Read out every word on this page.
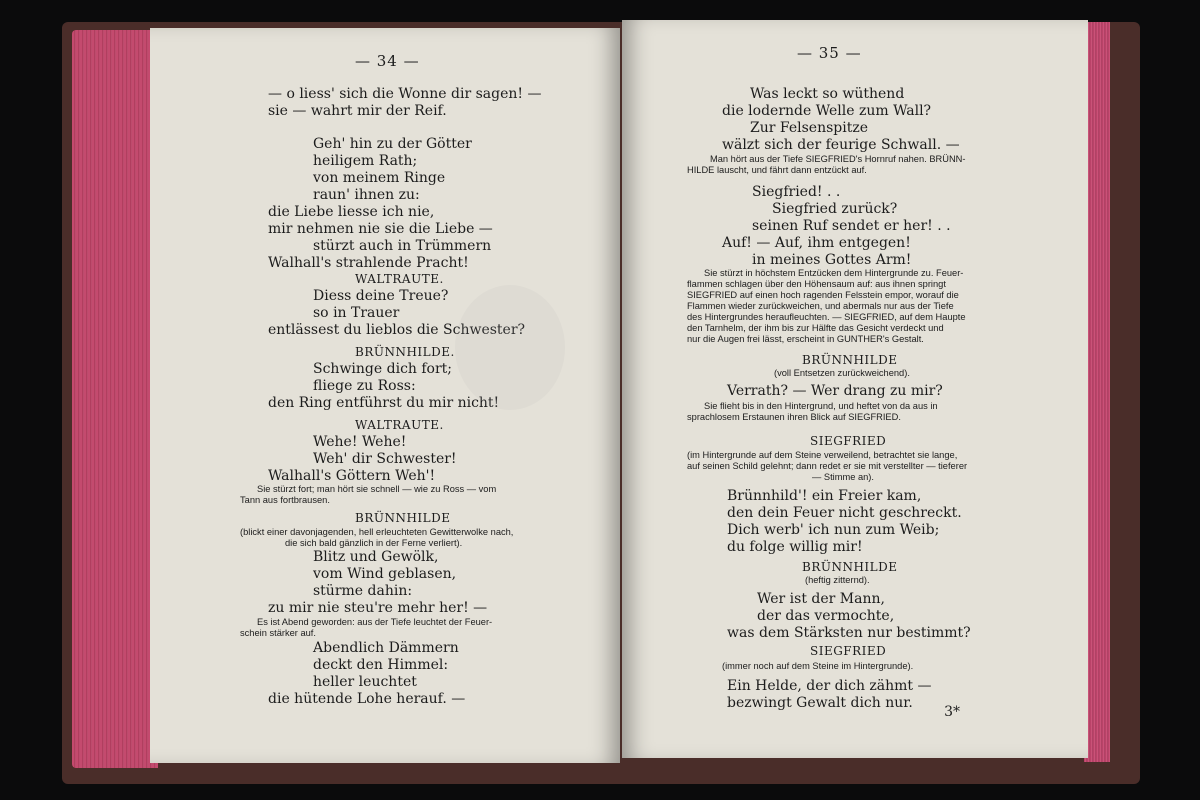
— 34 —
— o liess' sich die Wonne dir sagen! —
sie — wahrt mir der Reif.
Geh' hin zu der Götter
heiligem Rath;
von meinem Ringe
raun' ihnen zu:
die Liebe liesse ich nie,
mir nehmen nie sie die Liebe —
stürzt auch in Trümmern
Walhall's strahlende Pracht!
WALTRAUTE.
Diess deine Treue?
so in Trauer
entlässest du lieblos die Schwester?
BRÜNNHILDE.
Schwinge dich fort;
fliege zu Ross:
den Ring entführst du mir nicht!
WALTRAUTE.
Wehe! Wehe!
Weh' dir Schwester!
Walhall's Göttern Weh'!
BRÜNNHILDE
Blitz und Gewölk,
vom Wind geblasen,
stürme dahin:
zu mir nie steu're mehr her! —
Abendlich Dämmern
deckt den Himmel:
heller leuchtet
die hütende Lohe herauf. —
Sie stürzt fort; man hört sie schnell — wie zu Ross — vom
Tann aus fortbrausen.
(blickt einer davonjagenden, hell erleuchteten Gewitterwolke nach,
die sich bald gänzlich in der Ferne verliert).
Es ist Abend geworden: aus der Tiefe leuchtet der Feuer-
schein stärker auf.
— 35 —
3*
Was leckt so wüthend
die lodernde Welle zum Wall?
Zur Felsenspitze
wälzt sich der feurige Schwall. —
Siegfried! . .
Siegfried zurück?
seinen Ruf sendet er her! . .
Auf! — Auf, ihm entgegen!
in meines Gottes Arm!
BRÜNNHILDE
Verrath? — Wer drang zu mir?
SIEGFRIED
Brünnhild'! ein Freier kam,
den dein Feuer nicht geschreckt.
Dich werb' ich nun zum Weib;
du folge willig mir!
BRÜNNHILDE
Wer ist der Mann,
der das vermochte,
was dem Stärksten nur bestimmt?
SIEGFRIED
Ein Helde, der dich zähmt —
bezwingt Gewalt dich nur.
Man hört aus der Tiefe SIEGFRIED's Hornruf nahen. BRÜNN-
HILDE lauscht, und fährt dann entzückt auf.
Sie stürzt in höchstem Entzücken dem Hintergrunde zu. Feuer-
flammen schlagen über den Höhensaum auf: aus ihnen springt
SIEGFRIED auf einen hoch ragenden Felsstein empor, worauf die
Flammen wieder zurückweichen, und abermals nur aus der Tiefe
des Hintergrundes heraufleuchten. — SIEGFRIED, auf dem Haupte
den Tarnhelm, der ihm bis zur Hälfte das Gesicht verdeckt und
nur die Augen frei lässt, erscheint in GUNTHER's Gestalt.
(voll Entsetzen zurückweichend).
Sie flieht bis in den Hintergrund, und heftet von da aus in
sprachlosem Erstaunen ihren Blick auf SIEGFRIED.
(im Hintergrunde auf dem Steine verweilend, betrachtet sie lange,
auf seinen Schild gelehnt; dann redet er sie mit verstellter — tieferer
— Stimme an).
(heftig zitternd).
(immer noch auf dem Steine im Hintergrunde).
